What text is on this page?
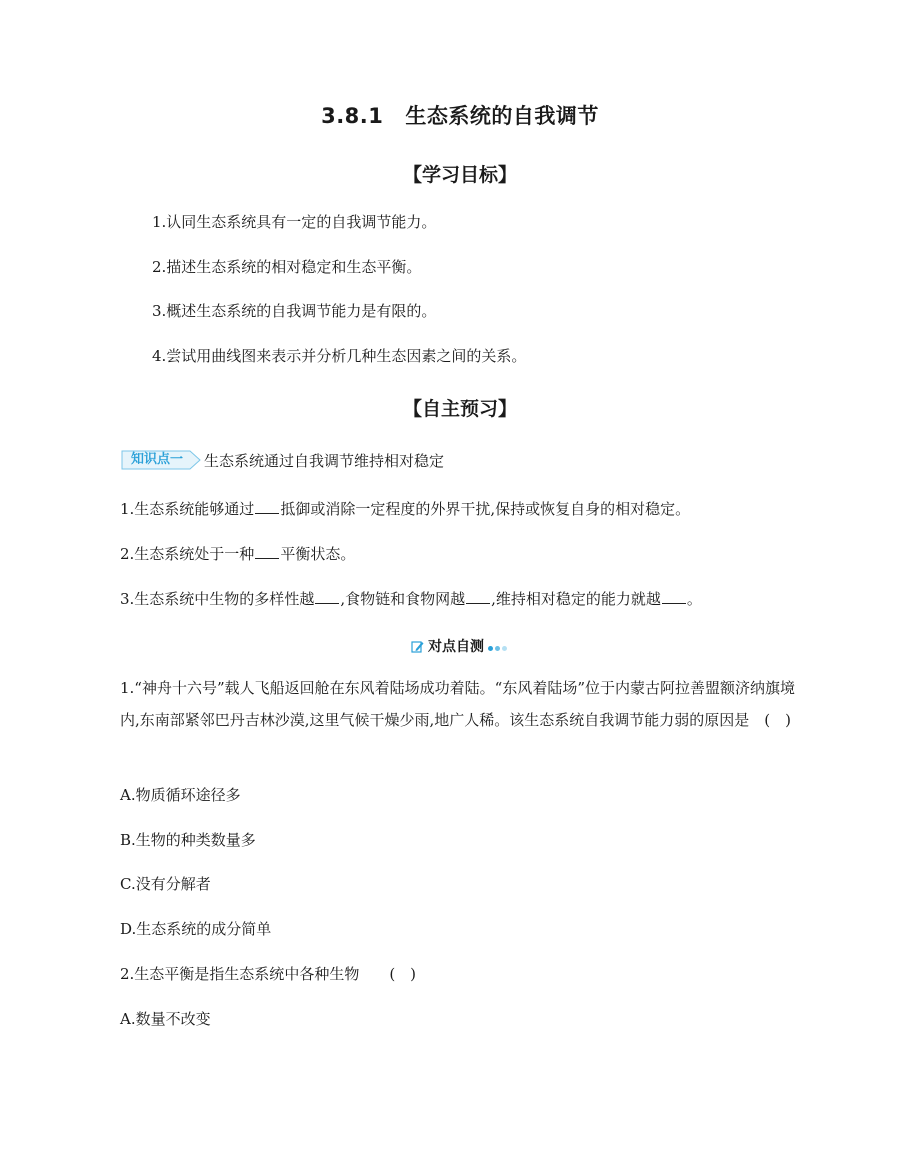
3.8.1 生态系统的自我调节
【学习目标】
1.认同生态系统具有一定的自我调节能力。
2.描述生态系统的相对稳定和生态平衡。
3.概述生态系统的自我调节能力是有限的。
4.尝试用曲线图来表示并分析几种生态因素之间的关系。
【自主预习】
知识点一	生态系统通过自我调节维持相对稳定
1.生态系统能够通过 抵御或消除一定程度的外界干扰,保持或恢复自身的相对稳定。
2.生态系统处于一种 平衡状态。
3.生态系统中生物的多样性越 ,食物链和食物网越 ,维持相对稳定的能力就越 。
对点自测
1.“神舟十六号”载人飞船返回舱在东风着陆场成功着陆。“东风着陆场”位于内蒙古阿拉善盟额济纳旗境内,东南部紧邻巴丹吉林沙漠,这里气候干燥少雨,地广人稀。该生态系统自我调节能力弱的原因是　(　)
A.物质循环途径多
B.生物的种类数量多
C.没有分解者
D.生态系统的成分简单
2.生态平衡是指生态系统中各种生物　　(　)
A.数量不改变
